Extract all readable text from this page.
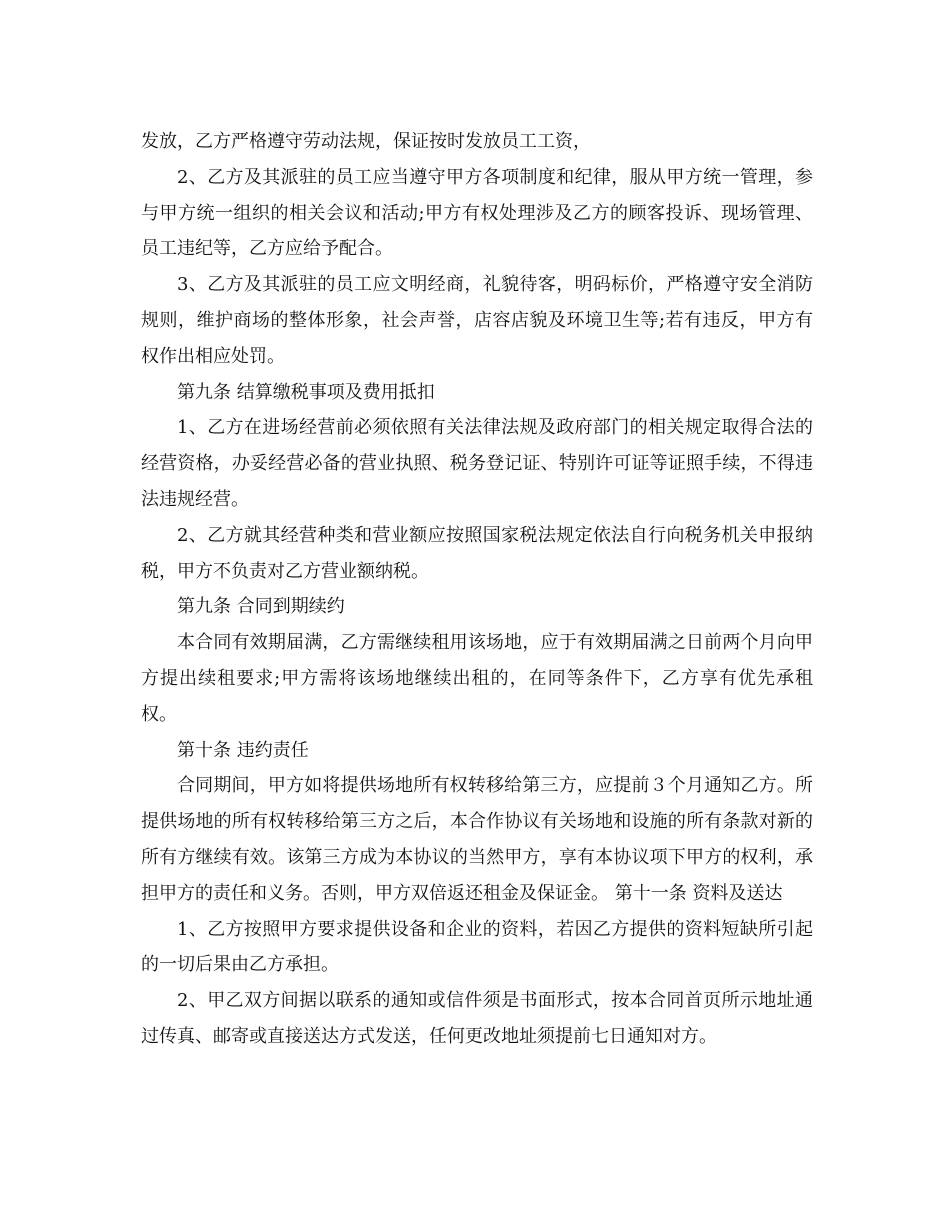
发放，乙方严格遵守劳动法规，保证按时发放员工工资，

2、乙方及其派驻的员工应当遵守甲方各项制度和纪律，服从甲方统一管理，参与甲方统一组织的相关会议和活动;甲方有权处理涉及乙方的顾客投诉、现场管理、员工违纪等，乙方应给予配合。

3、乙方及其派驻的员工应文明经商，礼貌待客，明码标价，严格遵守安全消防规则，维护商场的整体形象，社会声誉，店容店貌及环境卫生等;若有违反，甲方有权作出相应处罚。

第九条 结算缴税事项及费用抵扣

1、乙方在进场经营前必须依照有关法律法规及政府部门的相关规定取得合法的经营资格，办妥经营必备的营业执照、税务登记证、特别许可证等证照手续，不得违法违规经营。

2、乙方就其经营种类和营业额应按照国家税法规定依法自行向税务机关申报纳税，甲方不负责对乙方营业额纳税。

第九条 合同到期续约

本合同有效期届满，乙方需继续租用该场地，应于有效期届满之日前两个月向甲方提出续租要求;甲方需将该场地继续出租的，在同等条件下，乙方享有优先承租权。

第十条 违约责任

合同期间，甲方如将提供场地所有权转移给第三方，应提前３个月通知乙方。所提供场地的所有权转移给第三方之后，本合作协议有关场地和设施的所有条款对新的所有方继续有效。该第三方成为本协议的当然甲方，享有本协议项下甲方的权利，承担甲方的责任和义务。否则，甲方双倍返还租金及保证金。 第十一条 资料及送达

1、乙方按照甲方要求提供设备和企业的资料，若因乙方提供的资料短缺所引起的一切后果由乙方承担。

2、甲乙双方间据以联系的通知或信件须是书面形式，按本合同首页所示地址通过传真、邮寄或直接送达方式发送，任何更改地址须提前七日通知对方。
